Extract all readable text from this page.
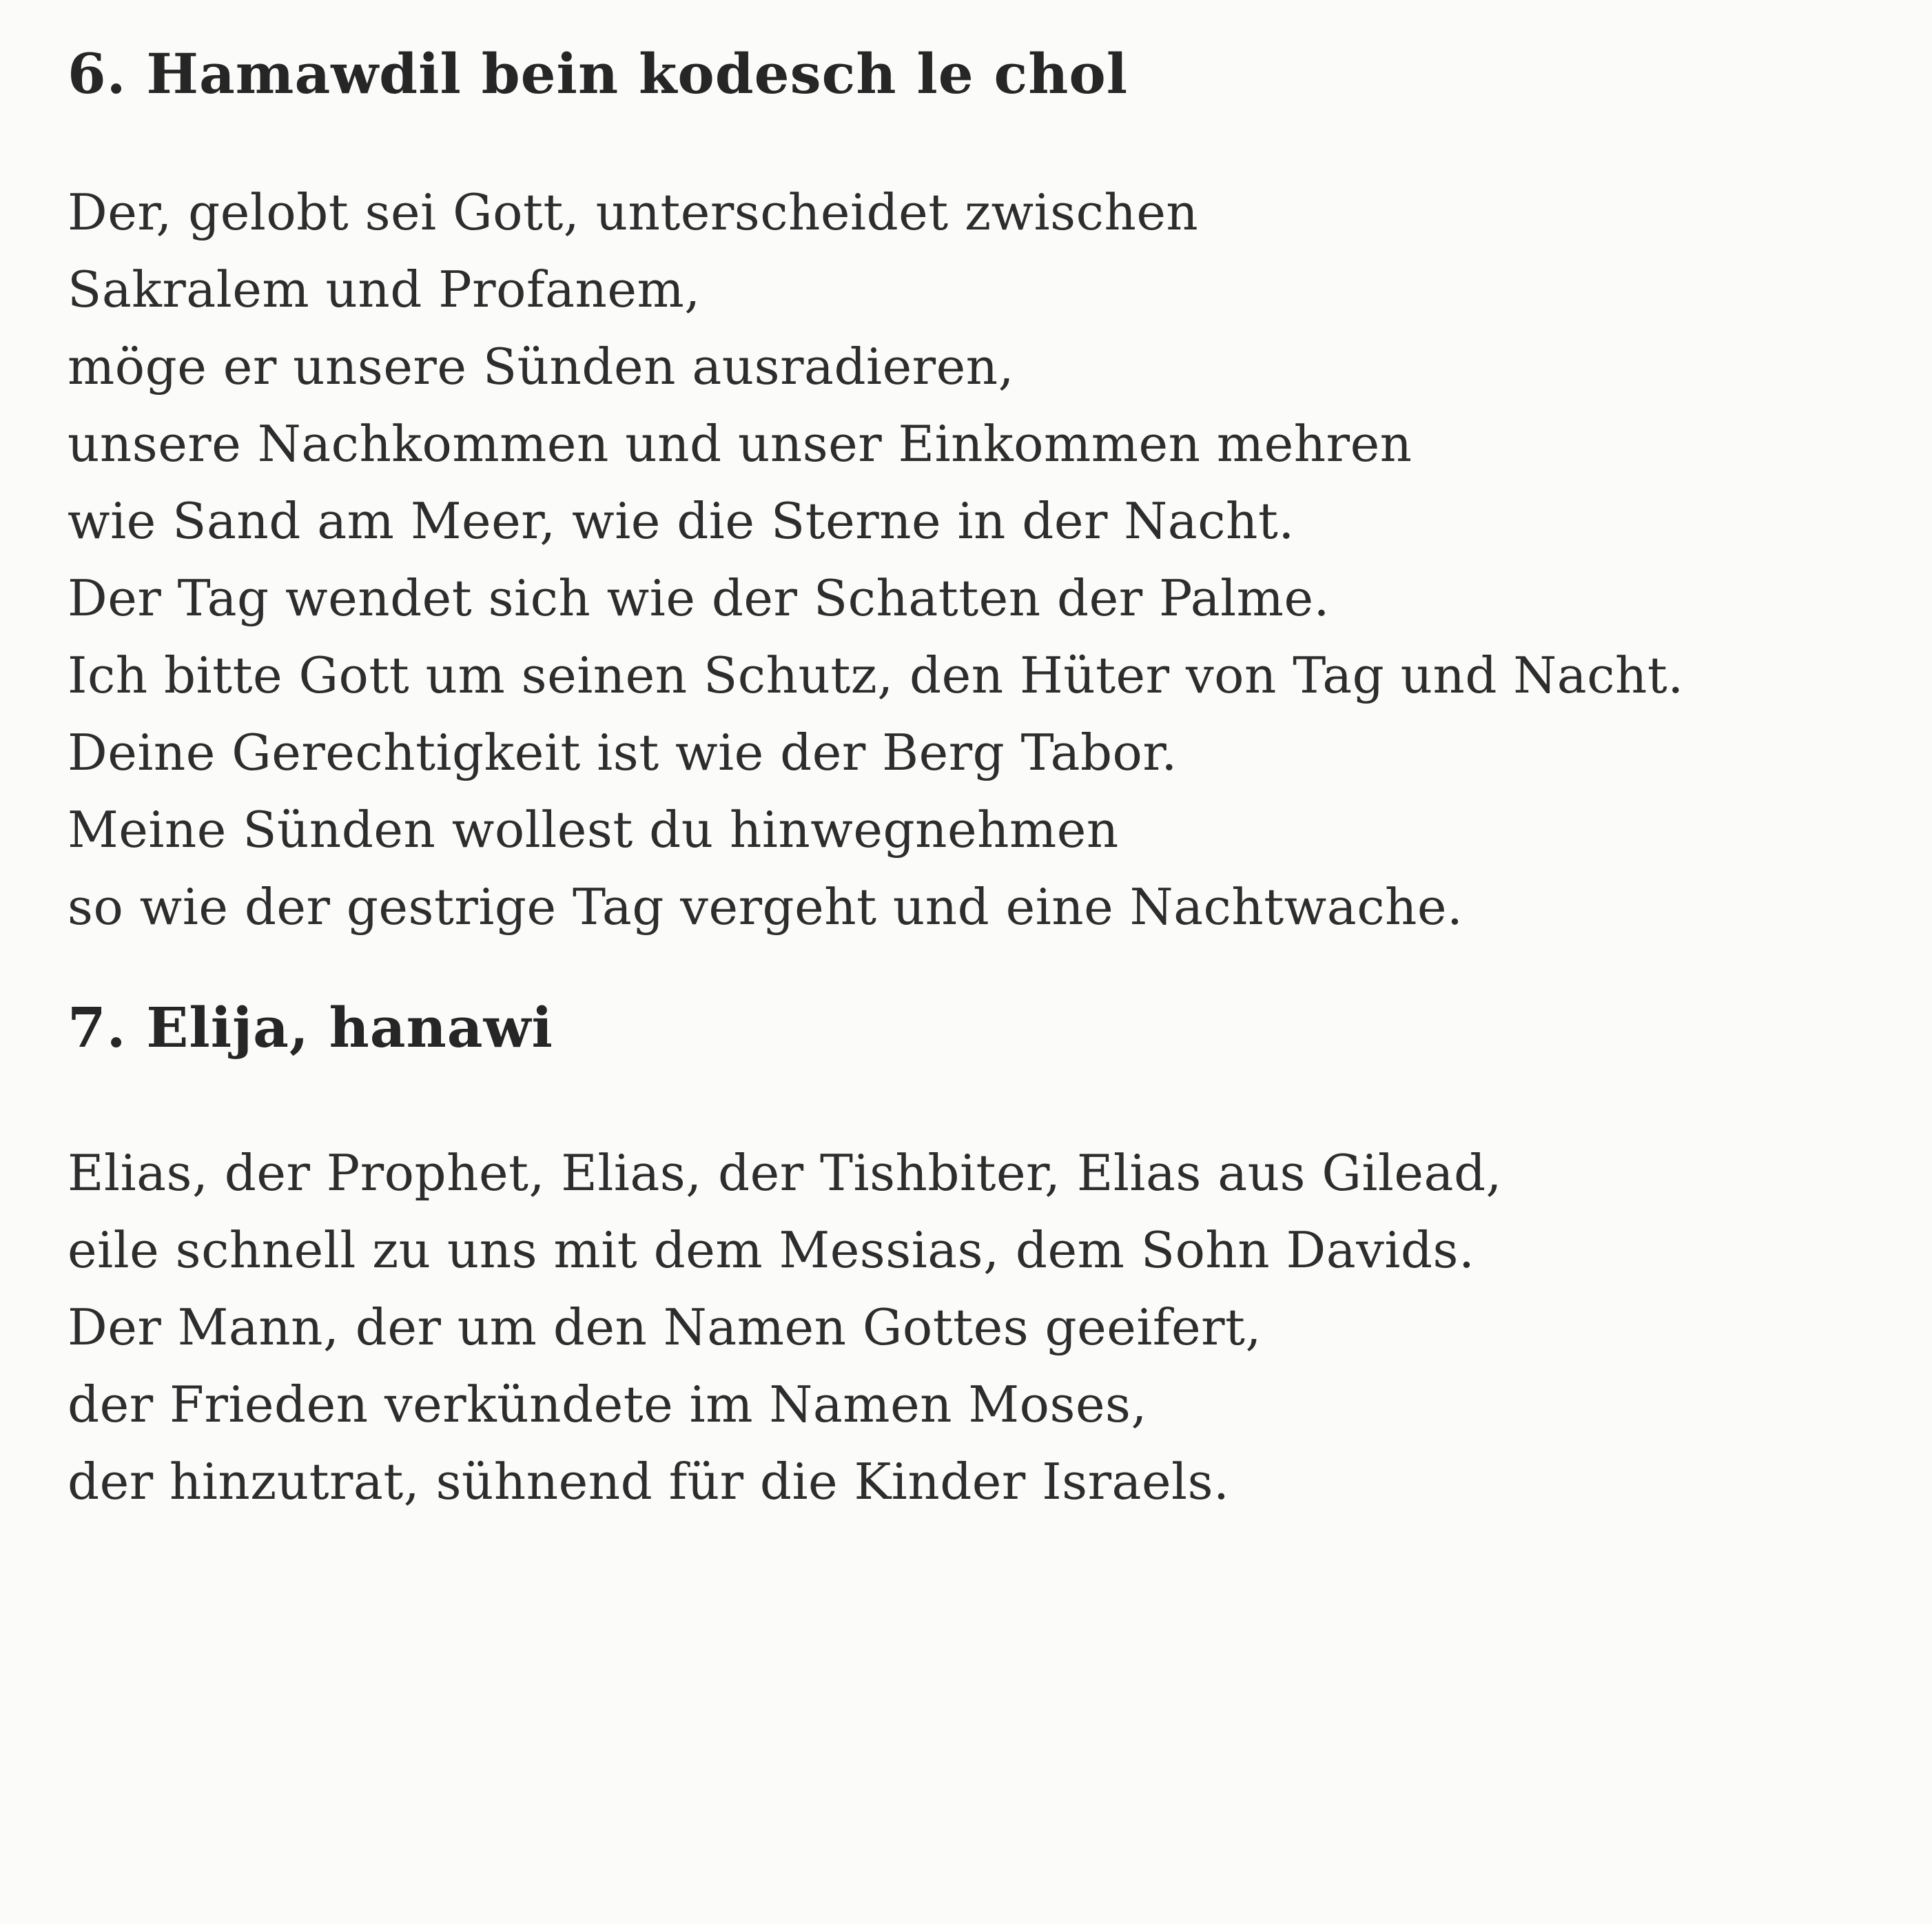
6. Hamawdil bein kodesch le chol
Der, gelobt sei Gott, unterscheidet zwischen
Sakralem und Profanem,
möge er unsere Sünden ausradieren,
unsere Nachkommen und unser Einkommen mehren
wie Sand am Meer, wie die Sterne in der Nacht.
Der Tag wendet sich wie der Schatten der Palme.
Ich bitte Gott um seinen Schutz, den Hüter von Tag und Nacht.
Deine Gerechtigkeit ist wie der Berg Tabor.
Meine Sünden wollest du hinwegnehmen
so wie der gestrige Tag vergeht und eine Nachtwache.
7. Elija, hanawi
Elias, der Prophet, Elias, der Tishbiter, Elias aus Gilead,
eile schnell zu uns mit dem Messias, dem Sohn Davids.
Der Mann, der um den Namen Gottes geeifert,
der Frieden verkündete im Namen Moses,
der hinzutrat, sühnend für die Kinder Israels.
